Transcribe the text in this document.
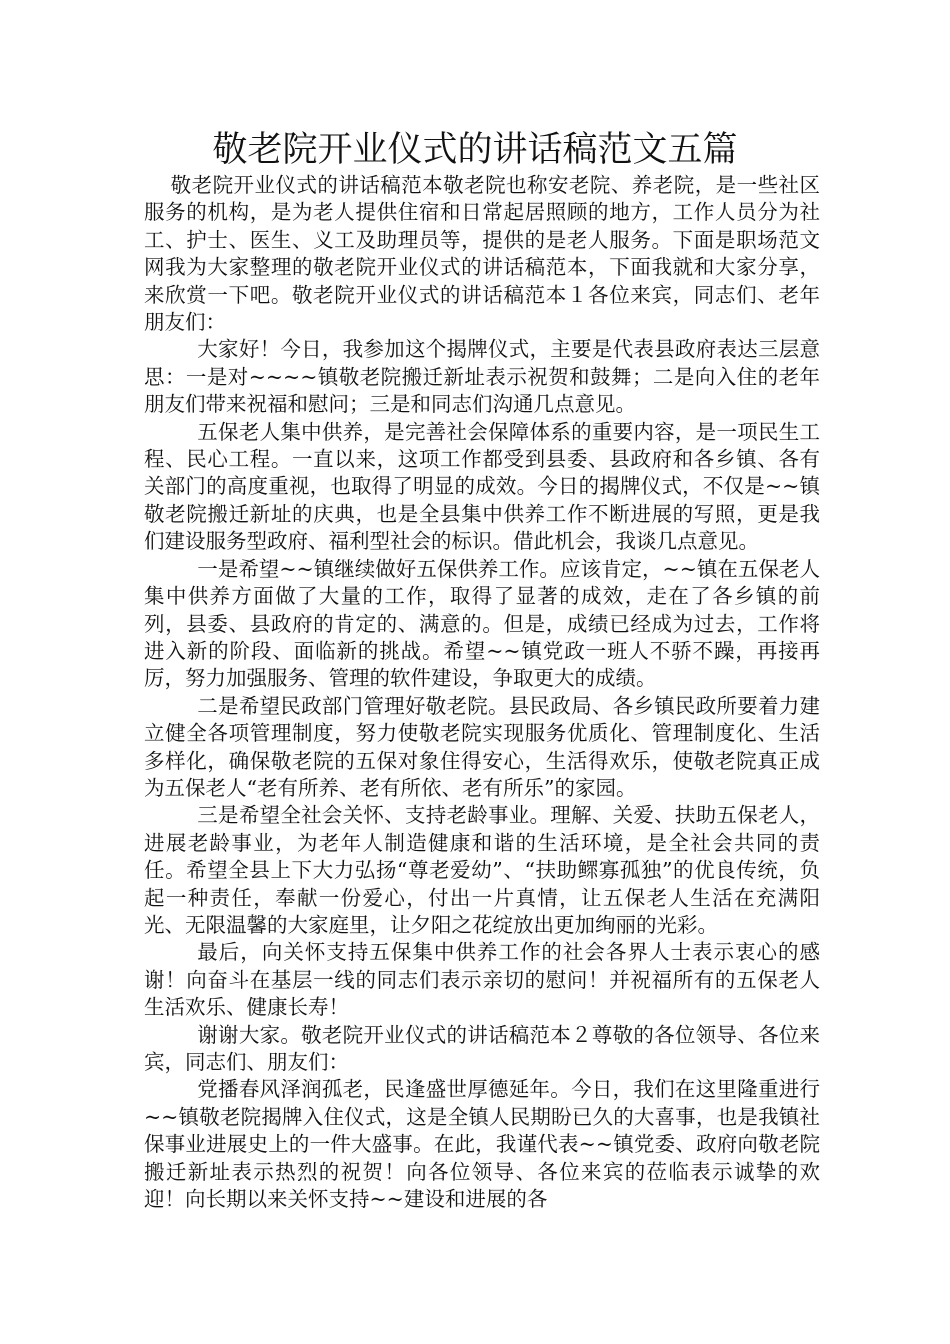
敬老院开业仪式的讲话稿范文五篇

敬老院开业仪式的讲话稿范本敬老院也称安老院、养老院，是一些社区服务的机构，是为老人提供住宿和日常起居照顾的地方，工作人员分为社工、护士、医生、义工及助理员等，提供的是老人服务。下面是职场范文网我为大家整理的敬老院开业仪式的讲话稿范本，下面我就和大家分享，来欣赏一下吧。敬老院开业仪式的讲话稿范本１各位来宾，同志们、老年朋友们：

大家好！今日，我参加这个揭牌仪式，主要是代表县政府表达三层意思：一是对~~~~镇敬老院搬迁新址表示祝贺和鼓舞；二是向入住的老年朋友们带来祝福和慰问；三是和同志们沟通几点意见。

五保老人集中供养，是完善社会保障体系的重要内容，是一项民生工程、民心工程。一直以来，这项工作都受到县委、县政府和各乡镇、各有关部门的高度重视，也取得了明显的成效。今日的揭牌仪式，不仅是~~镇敬老院搬迁新址的庆典，也是全县集中供养工作不断进展的写照，更是我们建设服务型政府、福利型社会的标识。借此机会，我谈几点意见。

一是希望~~镇继续做好五保供养工作。应该肯定，~~镇在五保老人集中供养方面做了大量的工作，取得了显著的成效，走在了各乡镇的前列，县委、县政府的肯定的、满意的。但是，成绩已经成为过去，工作将进入新的阶段、面临新的挑战。希望~~镇党政一班人不骄不躁，再接再厉，努力加强服务、管理的软件建设，争取更大的成绩。

二是希望民政部门管理好敬老院。县民政局、各乡镇民政所要着力建立健全各项管理制度，努力使敬老院实现服务优质化、管理制度化、生活多样化，确保敬老院的五保对象住得安心，生活得欢乐，使敬老院真正成为五保老人“老有所养、老有所依、老有所乐”的家园。

三是希望全社会关怀、支持老龄事业。理解、关爱、扶助五保老人，进展老龄事业，为老年人制造健康和谐的生活环境，是全社会共同的责任。希望全县上下大力弘扬“尊老爱幼”、“扶助鳏寡孤独”的优良传统，负起一种责任，奉献一份爱心，付出一片真情，让五保老人生活在充满阳光、无限温馨的大家庭里，让夕阳之花绽放出更加绚丽的光彩。

最后，向关怀支持五保集中供养工作的社会各界人士表示衷心的感谢！向奋斗在基层一线的同志们表示亲切的慰问！并祝福所有的五保老人生活欢乐、健康长寿！

谢谢大家。敬老院开业仪式的讲话稿范本２尊敬的各位领导、各位来宾，同志们、朋友们：

党播春风泽润孤老，民逢盛世厚德延年。今日，我们在这里隆重进行~~镇敬老院揭牌入住仪式，这是全镇人民期盼已久的大喜事，也是我镇社保事业进展史上的一件大盛事。在此，我谨代表~~镇党委、政府向敬老院搬迁新址表示热烈的祝贺！向各位领导、各位来宾的莅临表示诚挚的欢迎！向长期以来关怀支持~~建设和进展的各
